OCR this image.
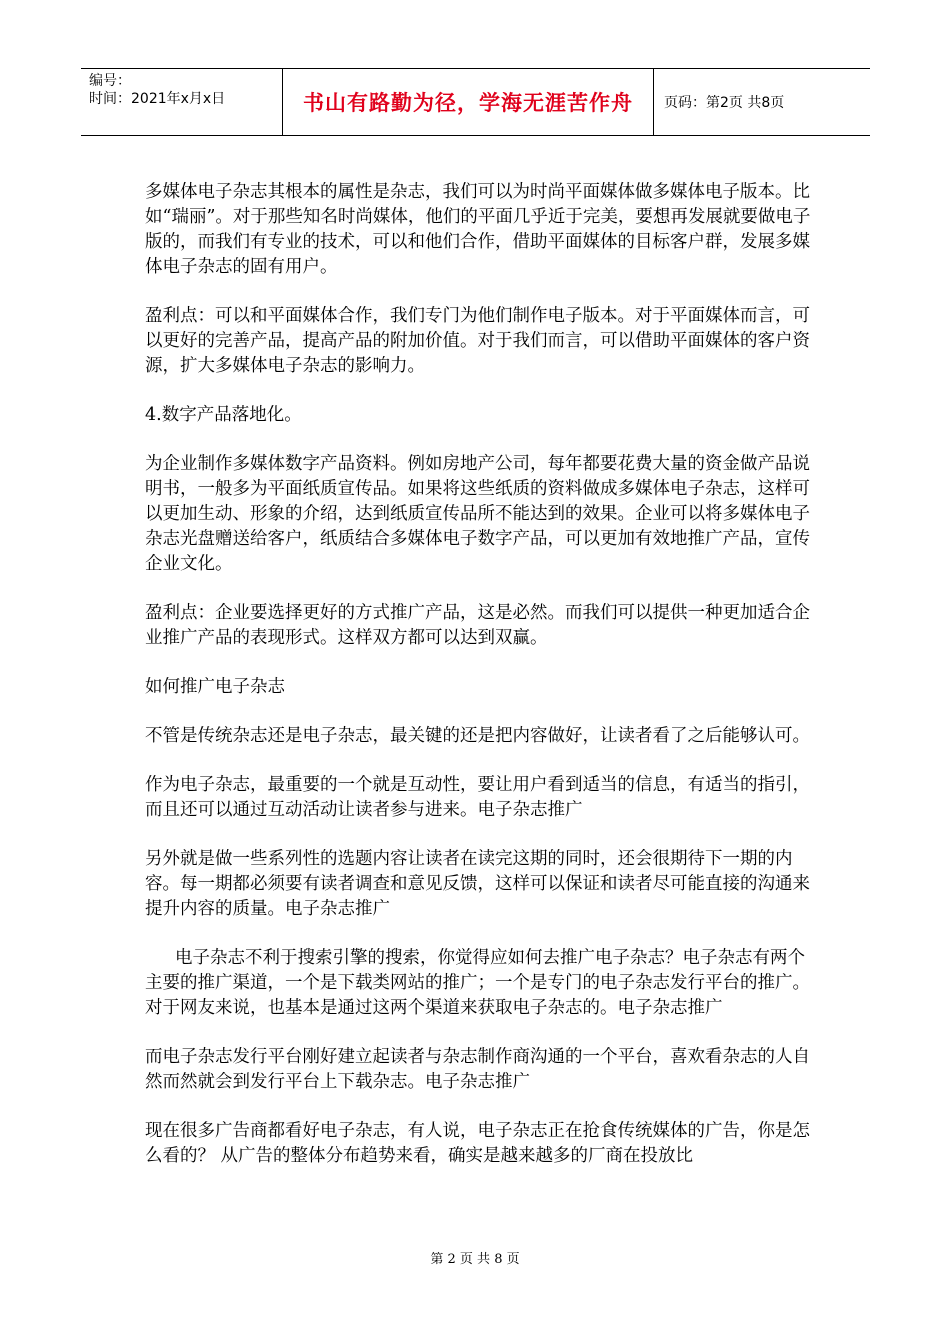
编号：
时间：2021年x月x日	书山有路勤为径，学海无涯苦作舟	页码：第2页 共8页

多媒体电子杂志其根本的属性是杂志，我们可以为时尚平面媒体做多媒体电子版本。比如“瑞丽”。对于那些知名时尚媒体，他们的平面几乎近于完美，要想再发展就要做电子版的，而我们有专业的技术，可以和他们合作，借助平面媒体的目标客户群，发展多媒体电子杂志的固有用户。

盈利点：可以和平面媒体合作，我们专门为他们制作电子版本。对于平面媒体而言，可以更好的完善产品，提高产品的附加价值。对于我们而言，可以借助平面媒体的客户资源，扩大多媒体电子杂志的影响力。

4.数字产品落地化。

为企业制作多媒体数字产品资料。例如房地产公司，每年都要花费大量的资金做产品说明书，一般多为平面纸质宣传品。如果将这些纸质的资料做成多媒体电子杂志，这样可以更加生动、形象的介绍，达到纸质宣传品所不能达到的效果。企业可以将多媒体电子杂志光盘赠送给客户，纸质结合多媒体电子数字产品，可以更加有效地推广产品，宣传企业文化。

盈利点：企业要选择更好的方式推广产品，这是必然。而我们可以提供一种更加适合企业推广产品的表现形式。这样双方都可以达到双赢。

如何推广电子杂志

不管是传统杂志还是电子杂志，最关键的还是把内容做好，让读者看了之后能够认可。

作为电子杂志，最重要的一个就是互动性，要让用户看到适当的信息，有适当的指引，而且还可以通过互动活动让读者参与进来。电子杂志推广

另外就是做一些系列性的选题内容让读者在读完这期的同时，还会很期待下一期的内容。每一期都必须要有读者调查和意见反馈，这样可以保证和读者尽可能直接的沟通来提升内容的质量。电子杂志推广

电子杂志不利于搜索引擎的搜索，你觉得应如何去推广电子杂志？电子杂志有两个主要的推广渠道，一个是下载类网站的推广；一个是专门的电子杂志发行平台的推广。对于网友来说，也基本是通过这两个渠道来获取电子杂志的。电子杂志推广

而电子杂志发行平台刚好建立起读者与杂志制作商沟通的一个平台，喜欢看杂志的人自然而然就会到发行平台上下载杂志。电子杂志推广

现在很多广告商都看好电子杂志，有人说，电子杂志正在抢食传统媒体的广告，你是怎么看的？ 从广告的整体分布趋势来看，确实是越来越多的厂商在投放比

第 2 页 共 8 页
